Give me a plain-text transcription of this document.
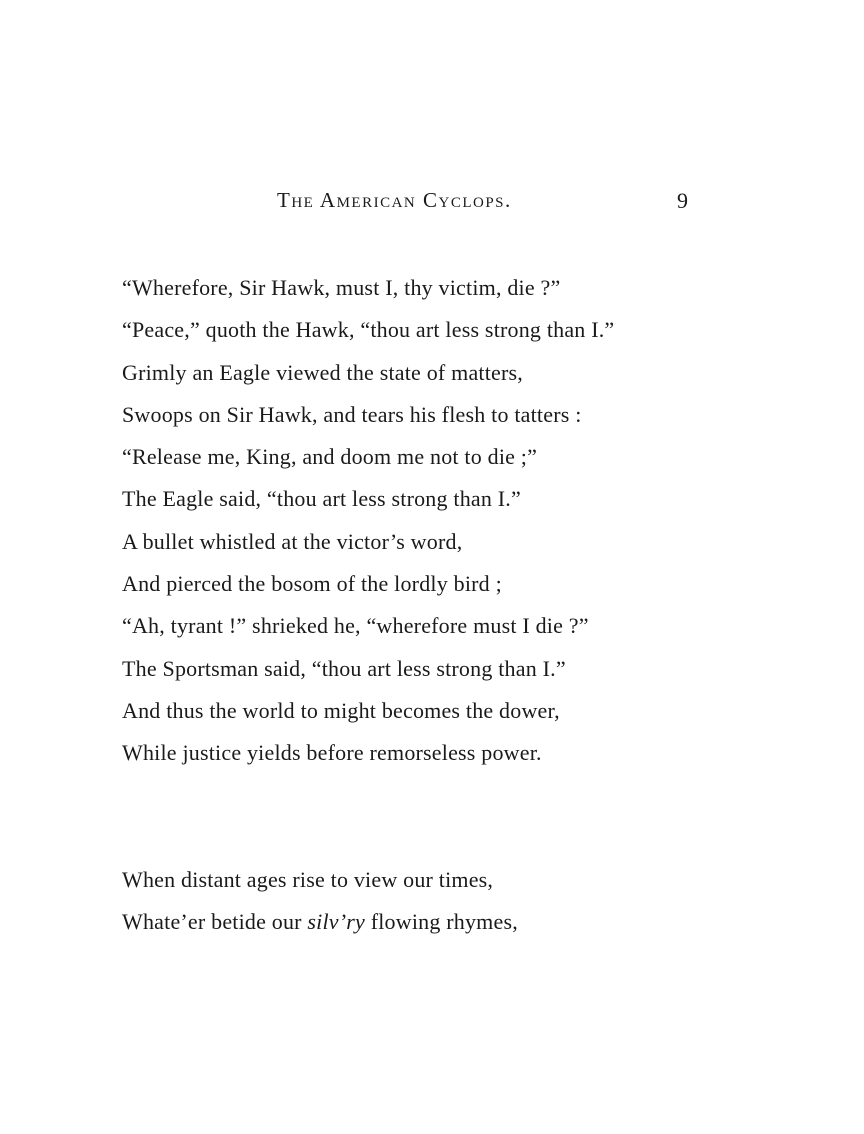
The American Cyclops.	9
“Wherefore, Sir Hawk, must I, thy victim, die ?”
“Peace,” quoth the Hawk, “thou art less strong than I.”
Grimly an Eagle viewed the state of matters,
Swoops on Sir Hawk, and tears his flesh to tatters :
“Release me, King, and doom me not to die ;”
The Eagle said, “thou art less strong than I.”
A bullet whistled at the victor’s word,
And pierced the bosom of the lordly bird ;
“Ah, tyrant !” shrieked he, “wherefore must I die ?”
The Sportsman said, “thou art less strong than I.”
And thus the world to might becomes the dower,
While justice yields before remorseless power.
When distant ages rise to view our times,
Whate’er betide our silv’ry flowing rhymes,
